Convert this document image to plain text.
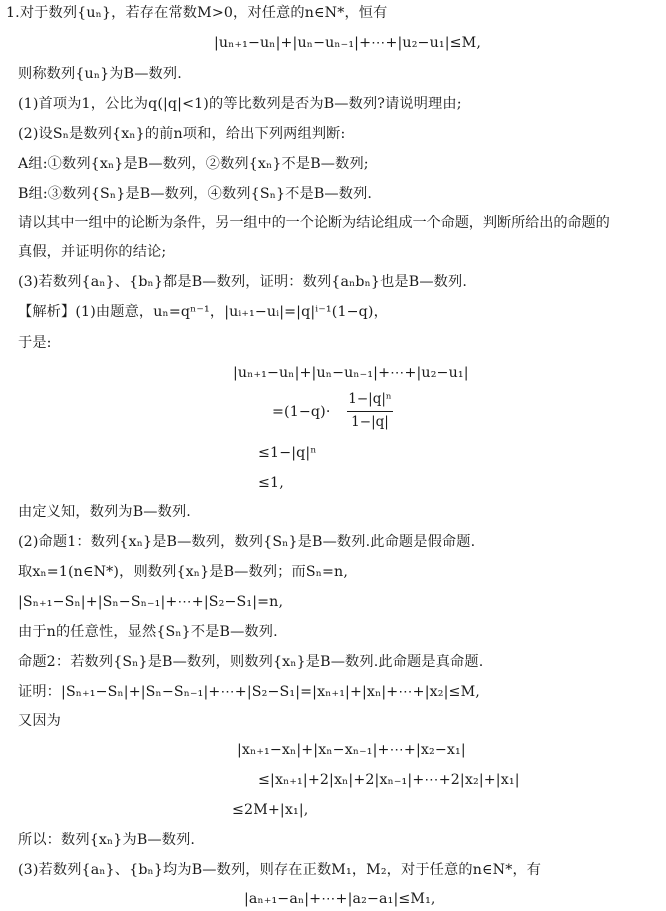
1.对于数列{uₙ}，若存在常数M>0，对任意的n∈N*，恒有
|uₙ₊₁−uₙ|+|uₙ−uₙ₋₁|+⋯+|u₂−u₁|≤M,
则称数列{uₙ}为B—数列.
(1)首项为1，公比为q(|q|<1)的等比数列是否为B—数列?请说明理由;
(2)设Sₙ是数列{xₙ}的前n项和，给出下列两组判断:
A组:①数列{xₙ}是B—数列，②数列{xₙ}不是B—数列;
B组:③数列{Sₙ}是B—数列，④数列{Sₙ}不是B—数列.
请以其中一组中的论断为条件，另一组中的一个论断为结论组成一个命题，判断所给出的命题的
真假，并证明你的结论;
(3)若数列{aₙ}、{bₙ}都是B—数列，证明：数列{aₙbₙ}也是B—数列.
【解析】(1)由题意，uₙ=qⁿ⁻¹，|uᵢ₊₁−uᵢ|=|q|ⁱ⁻¹(1−q)，
于是:
|uₙ₊₁−uₙ|+|uₙ−uₙ₋₁|+⋯+|u₂−u₁|
=(1−q)·
≤1−|q|ⁿ
≤1,
由定义知，数列为B—数列.
(2)命题1：数列{xₙ}是B—数列，数列{Sₙ}是B—数列.此命题是假命题.
取xₙ=1(n∈N*)，则数列{xₙ}是B—数列；而Sₙ=n,
|Sₙ₊₁−Sₙ|+|Sₙ−Sₙ₋₁|+⋯+|S₂−S₁|=n,
由于n的任意性，显然{Sₙ}不是B—数列.
命题2：若数列{Sₙ}是B—数列，则数列{xₙ}是B—数列.此命题是真命题.
证明：|Sₙ₊₁−Sₙ|+|Sₙ−Sₙ₋₁|+⋯+|S₂−S₁|=|xₙ₊₁|+|xₙ|+⋯+|x₂|≤M,
又因为
|xₙ₊₁−xₙ|+|xₙ−xₙ₋₁|+⋯+|x₂−x₁|
≤|xₙ₊₁|+2|xₙ|+2|xₙ₋₁|+⋯+2|x₂|+|x₁|
≤2M+|x₁|,
所以：数列{xₙ}为B—数列.
(3)若数列{aₙ}、{bₙ}均为B—数列，则存在正数M₁，M₂，对于任意的n∈N*，有
|aₙ₊₁−aₙ|+⋯+|a₂−a₁|≤M₁,
1−|q|ⁿ
1−|q|
